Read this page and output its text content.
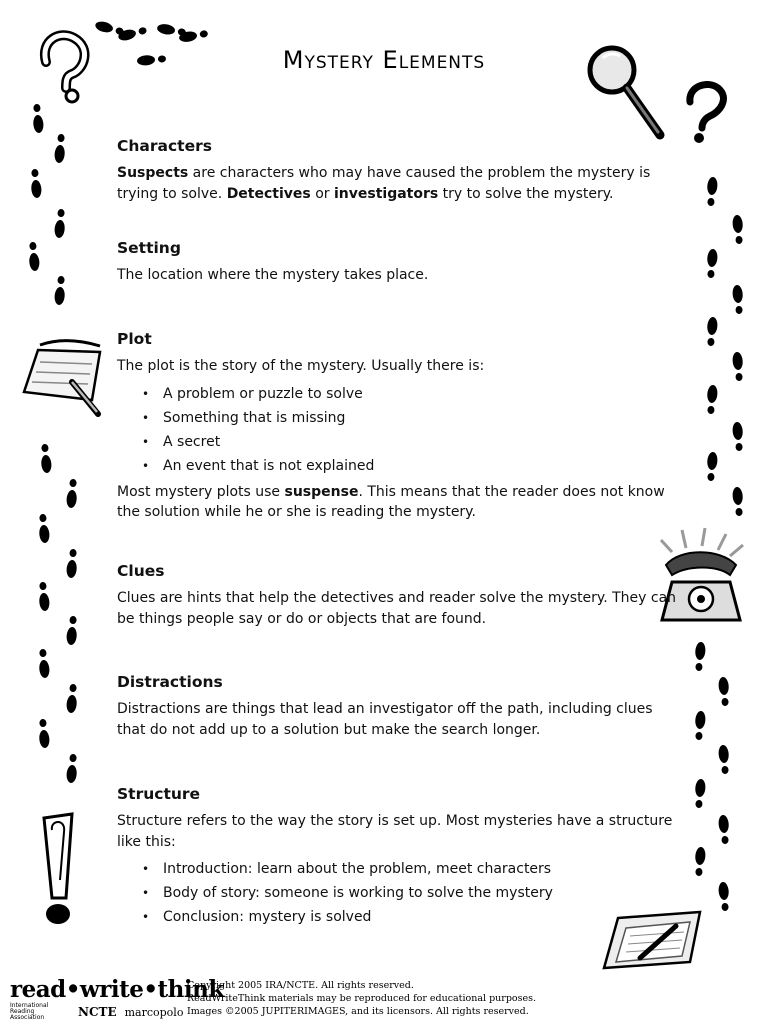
Mystery Elements
Characters

Suspects are characters who may have caused the problem the mystery is trying to solve. Detectives or investigators try to solve the mystery.

Setting

The location where the mystery takes place.

Plot

The plot is the story of the mystery. Usually there is:

• A problem or puzzle to solve
• Something that is missing
• A secret
• An event that is not explained

Most mystery plots use suspense. This means that the reader does not know the solution while he or she is reading the mystery.

Clues

Clues are hints that help the detectives and reader solve the mystery. They can be things people say or do or objects that are found.

Distractions

Distractions are things that lead an investigator off the path, including clues that do not add up to a solution but make the search longer.

Structure

Structure refers to the way the story is set up. Most mysteries have a structure like this:

• Introduction: learn about the problem, meet characters
• Body of story: someone is working to solve the mystery
• Conclusion: mystery is solved
read•write•think
International Reading Association	NCTE marcopolo
Copyright 2005 IRA/NCTE. All rights reserved.
ReadWriteThink materials may be reproduced for educational purposes.
Images ©2005 JUPITERIMAGES, and its licensors. All rights reserved.
